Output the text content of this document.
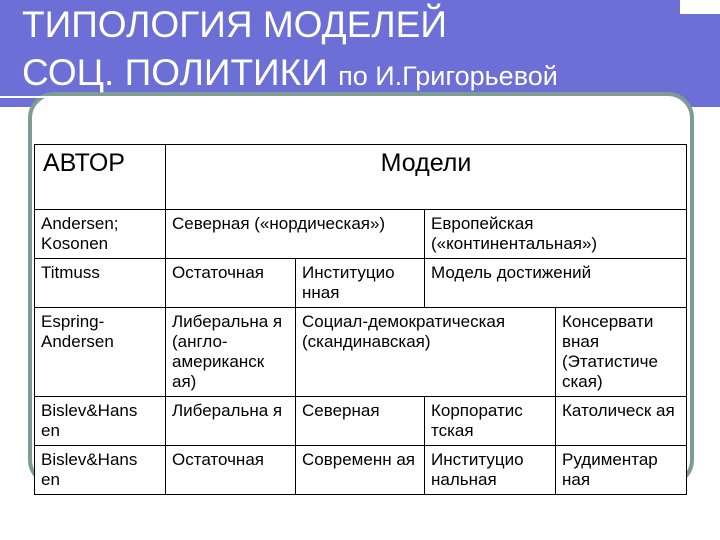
ТИПОЛОГИЯ МОДЕЛЕЙ
СОЦ. ПОЛИТИКИ по И.Григорьевой
АВТОР	Модели			
Andersen; Kosonen	Северная («нордическая»)		Европейская («континентальная»)	
Titmuss	Остаточная	Институцио нная	Модель достижений	
Espring-Andersen	Либеральна я (англо-американск ая)	Социал-демократическая (скандинавская)		Консервати вная (Этатистиче ская)
Bislev&Hans en	Либеральна я	Северная	Корпоратис тская	Католическ ая
Bislev&Hans en	Остаточная	Современн ая	Институцио нальная	Рудиментар ная
